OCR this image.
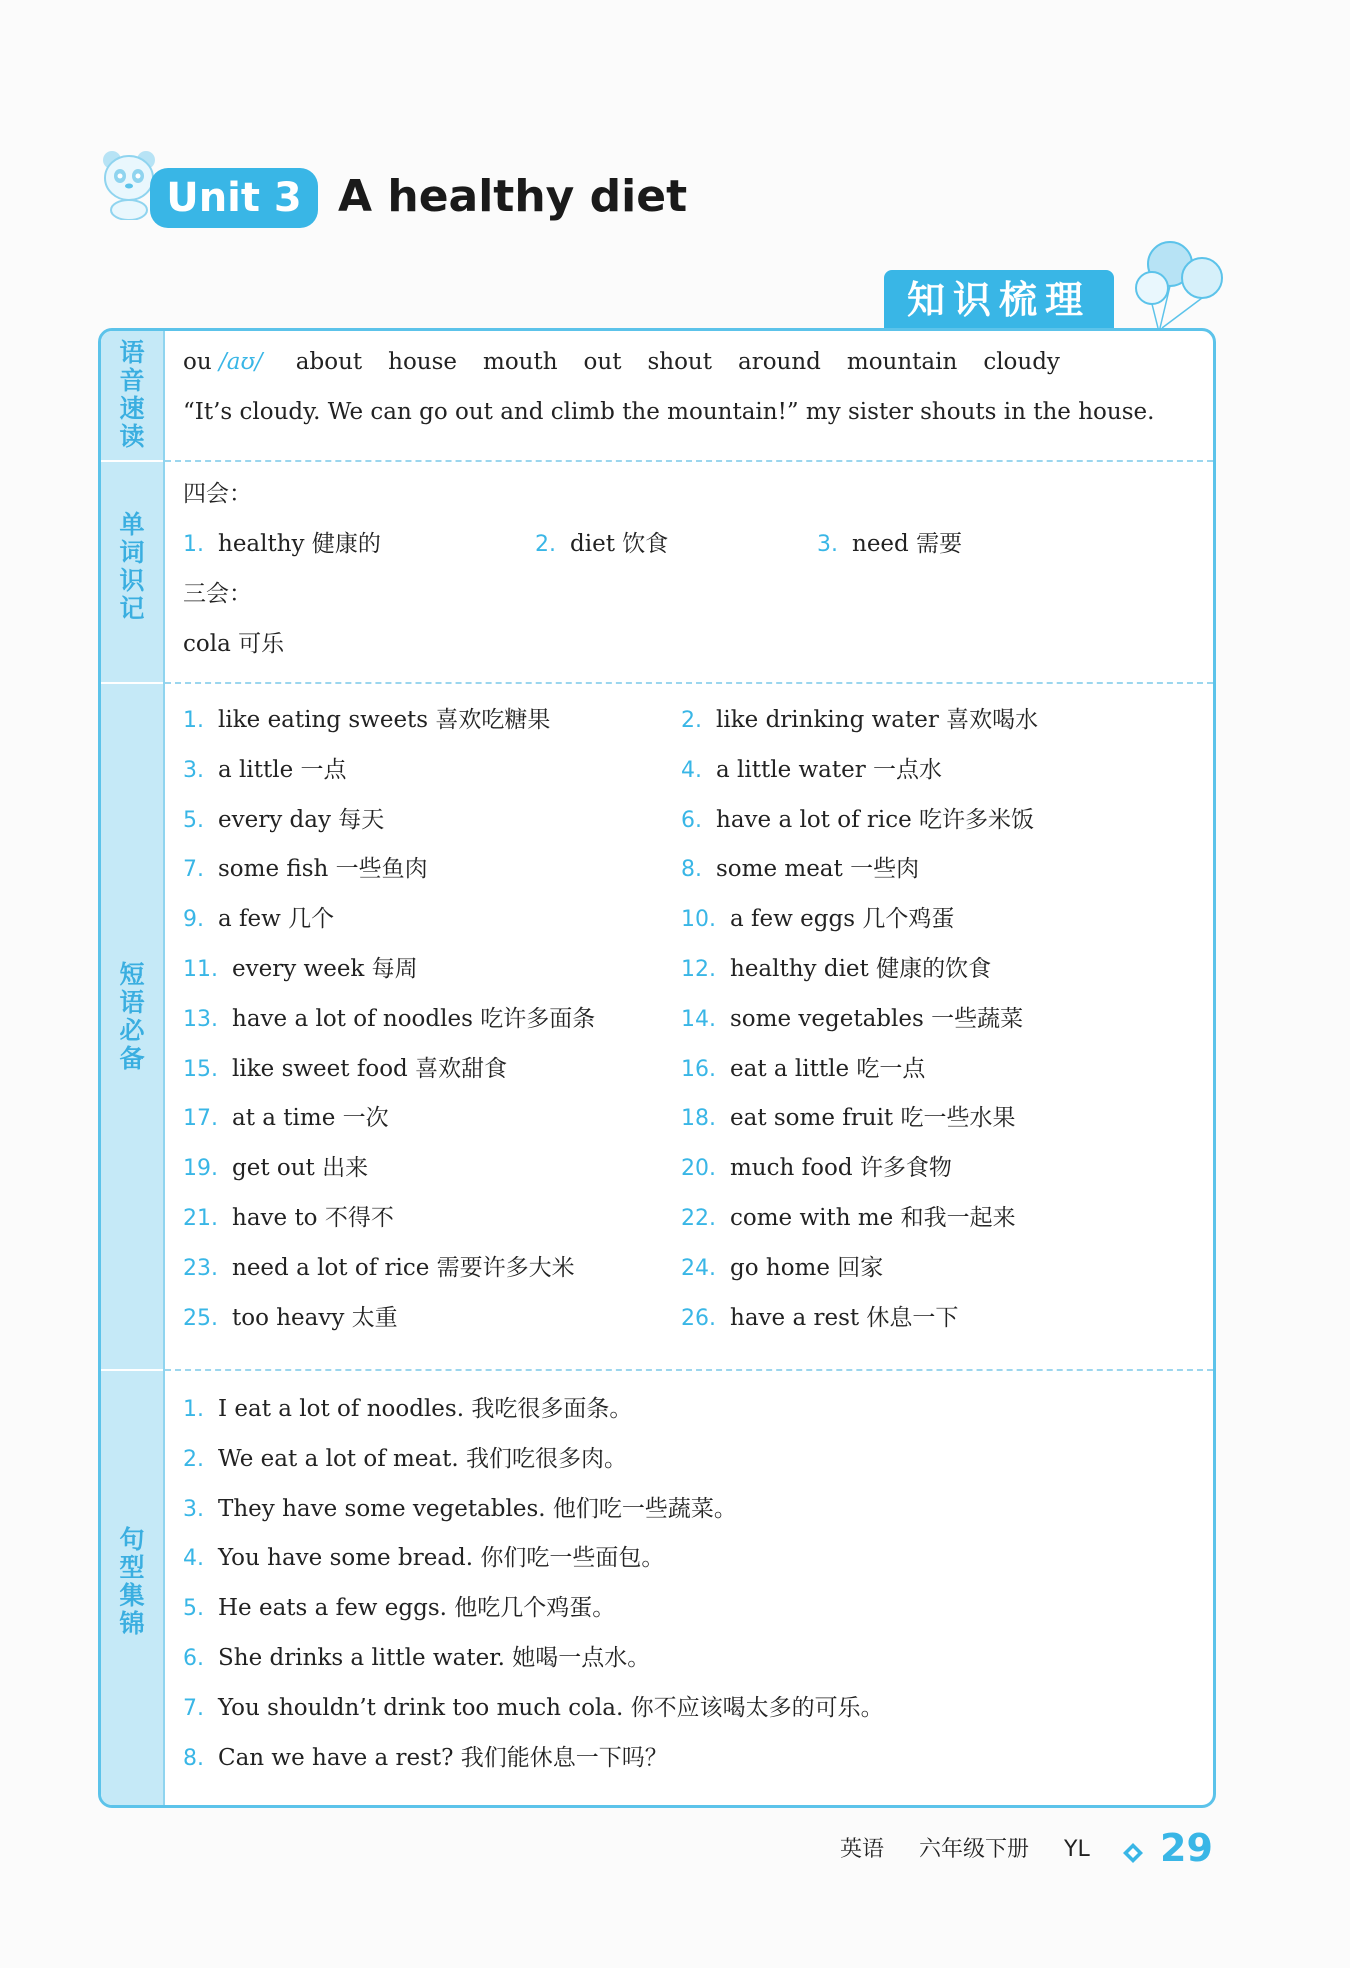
Unit 3 A healthy diet
知识梳理
语
音
速
读
单
词
识
记
短
语
必
备
句
型
集
锦
ou /aʊ/ about house mouth out shout around mountain cloudy
“It’s cloudy. We can go out and climb the mountain!” my sister shouts in the house.
四会：
1. healthy 健康的	2. diet 饮食	3. need 需要
三会：
cola 可乐
1. like eating sweets 喜欢吃糖果	2. like drinking water 喜欢喝水
3. a little 一点	4. a little water 一点水
5. every day 每天	6. have a lot of rice 吃许多米饭
7. some fish 一些鱼肉	8. some meat 一些肉
9. a few 几个	10. a few eggs 几个鸡蛋
11. every week 每周	12. healthy diet 健康的饮食
13. have a lot of noodles 吃许多面条	14. some vegetables 一些蔬菜
15. like sweet food 喜欢甜食	16. eat a little 吃一点
17. at a time 一次	18. eat some fruit 吃一些水果
19. get out 出来	20. much food 许多食物
21. have to 不得不	22. come with me 和我一起来
23. need a lot of rice 需要许多大米	24. go home 回家
25. too heavy 太重	26. have a rest 休息一下
1. I eat a lot of noodles. 我吃很多面条。
2. We eat a lot of meat. 我们吃很多肉。
3. They have some vegetables. 他们吃一些蔬菜。
4. You have some bread. 你们吃一些面包。
5. He eats a few eggs. 他吃几个鸡蛋。
6. She drinks a little water. 她喝一点水。
7. You shouldn’t drink too much cola. 你不应该喝太多的可乐。
8. Can we have a rest? 我们能休息一下吗？
英语 六年级下册 YL	29
